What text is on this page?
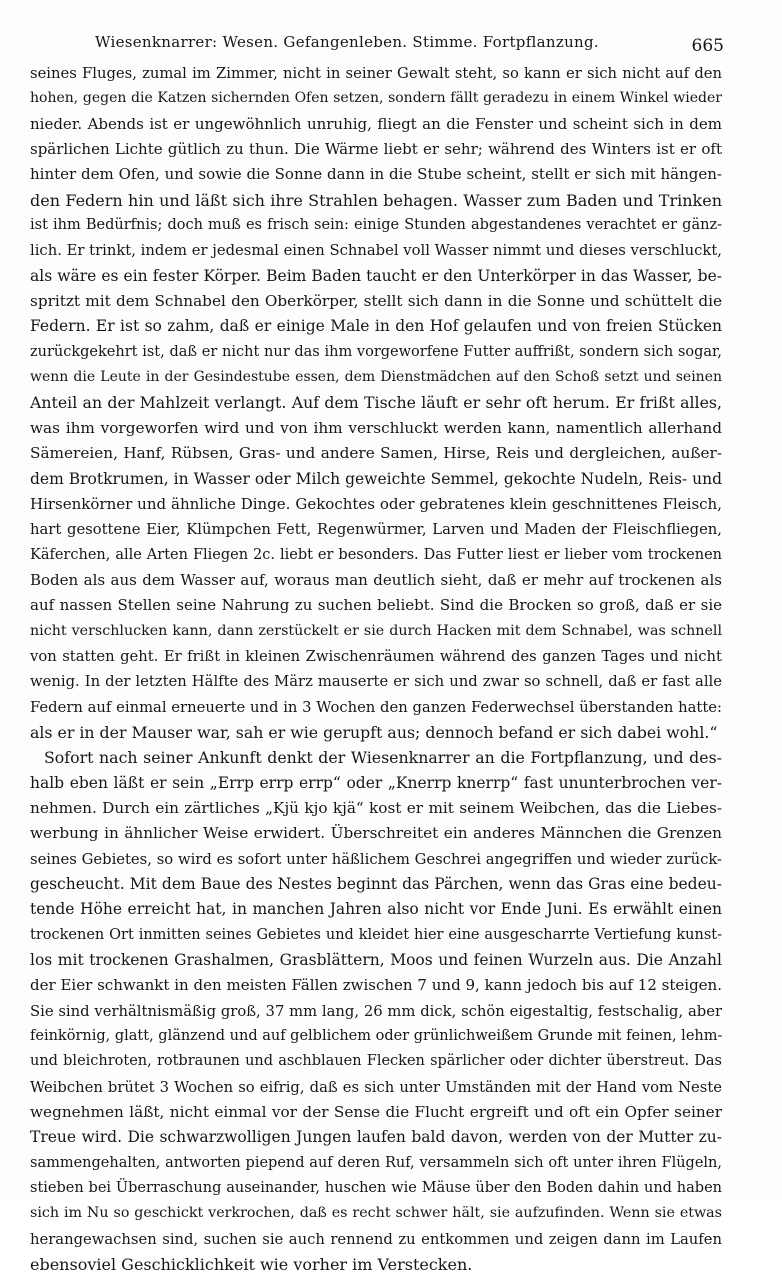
Wiesenknarrer: Wesen. Gefangenleben. Stimme. Fortpflanzung.	665
seines Fluges, zumal im Zimmer, nicht in seiner Gewalt steht, so kann er sich nicht auf den
hohen, gegen die Katzen sichernden Ofen setzen, sondern fällt geradezu in einem Winkel wieder
nieder. Abends ist er ungewöhnlich unruhig, fliegt an die Fenster und scheint sich in dem
spärlichen Lichte gütlich zu thun. Die Wärme liebt er sehr; während des Winters ist er oft
hinter dem Ofen, und sowie die Sonne dann in die Stube scheint, stellt er sich mit hängen-
den Federn hin und läßt sich ihre Strahlen behagen. Wasser zum Baden und Trinken
ist ihm Bedürfnis; doch muß es frisch sein: einige Stunden abgestandenes verachtet er gänz-
lich. Er trinkt, indem er jedesmal einen Schnabel voll Wasser nimmt und dieses verschluckt,
als wäre es ein fester Körper. Beim Baden taucht er den Unterkörper in das Wasser, be-
spritzt mit dem Schnabel den Oberkörper, stellt sich dann in die Sonne und schüttelt die
Federn. Er ist so zahm, daß er einige Male in den Hof gelaufen und von freien Stücken
zurückgekehrt ist, daß er nicht nur das ihm vorgeworfene Futter auffrißt, sondern sich sogar,
wenn die Leute in der Gesindestube essen, dem Dienstmädchen auf den Schoß setzt und seinen
Anteil an der Mahlzeit verlangt. Auf dem Tische läuft er sehr oft herum. Er frißt alles,
was ihm vorgeworfen wird und von ihm verschluckt werden kann, namentlich allerhand
Sämereien, Hanf, Rübsen, Gras- und andere Samen, Hirse, Reis und dergleichen, außer-
dem Brotkrumen, in Wasser oder Milch geweichte Semmel, gekochte Nudeln, Reis- und
Hirsenkörner und ähnliche Dinge. Gekochtes oder gebratenes klein geschnittenes Fleisch,
hart gesottene Eier, Klümpchen Fett, Regenwürmer, Larven und Maden der Fleischfliegen,
Käferchen, alle Arten Fliegen 2c. liebt er besonders. Das Futter liest er lieber vom trockenen
Boden als aus dem Wasser auf, woraus man deutlich sieht, daß er mehr auf trockenen als
auf nassen Stellen seine Nahrung zu suchen beliebt. Sind die Brocken so groß, daß er sie
nicht verschlucken kann, dann zerstückelt er sie durch Hacken mit dem Schnabel, was schnell
von statten geht. Er frißt in kleinen Zwischenräumen während des ganzen Tages und nicht
wenig. In der letzten Hälfte des März mauserte er sich und zwar so schnell, daß er fast alle
Federn auf einmal erneuerte und in 3 Wochen den ganzen Federwechsel überstanden hatte:
als er in der Mauser war, sah er wie gerupft aus; dennoch befand er sich dabei wohl.“
Sofort nach seiner Ankunft denkt der Wiesenknarrer an die Fortpflanzung, und des-
halb eben läßt er sein „Errp errp errp“ oder „Knerrp knerrp“ fast ununterbrochen ver-
nehmen. Durch ein zärtliches „Kjü kjo kjä“ kost er mit seinem Weibchen, das die Liebes-
werbung in ähnlicher Weise erwidert. Überschreitet ein anderes Männchen die Grenzen
seines Gebietes, so wird es sofort unter häßlichem Geschrei angegriffen und wieder zurück-
gescheucht. Mit dem Baue des Nestes beginnt das Pärchen, wenn das Gras eine bedeu-
tende Höhe erreicht hat, in manchen Jahren also nicht vor Ende Juni. Es erwählt einen
trockenen Ort inmitten seines Gebietes und kleidet hier eine ausgescharrte Vertiefung kunst-
los mit trockenen Grashalmen, Grasblättern, Moos und feinen Wurzeln aus. Die Anzahl
der Eier schwankt in den meisten Fällen zwischen 7 und 9, kann jedoch bis auf 12 steigen.
Sie sind verhältnismäßig groß, 37 mm lang, 26 mm dick, schön eigestaltig, festschalig, aber
feinkörnig, glatt, glänzend und auf gelblichem oder grünlichweißem Grunde mit feinen, lehm-
und bleichroten, rotbraunen und aschblauen Flecken spärlicher oder dichter überstreut. Das
Weibchen brütet 3 Wochen so eifrig, daß es sich unter Umständen mit der Hand vom Neste
wegnehmen läßt, nicht einmal vor der Sense die Flucht ergreift und oft ein Opfer seiner
Treue wird. Die schwarzwolligen Jungen laufen bald davon, werden von der Mutter zu-
sammengehalten, antworten piepend auf deren Ruf, versammeln sich oft unter ihren Flügeln,
stieben bei Überraschung auseinander, huschen wie Mäuse über den Boden dahin und haben
sich im Nu so geschickt verkrochen, daß es recht schwer hält, sie aufzufinden. Wenn sie etwas
herangewachsen sind, suchen sie auch rennend zu entkommen und zeigen dann im Laufen
ebensoviel Geschicklichkeit wie vorher im Verstecken.
